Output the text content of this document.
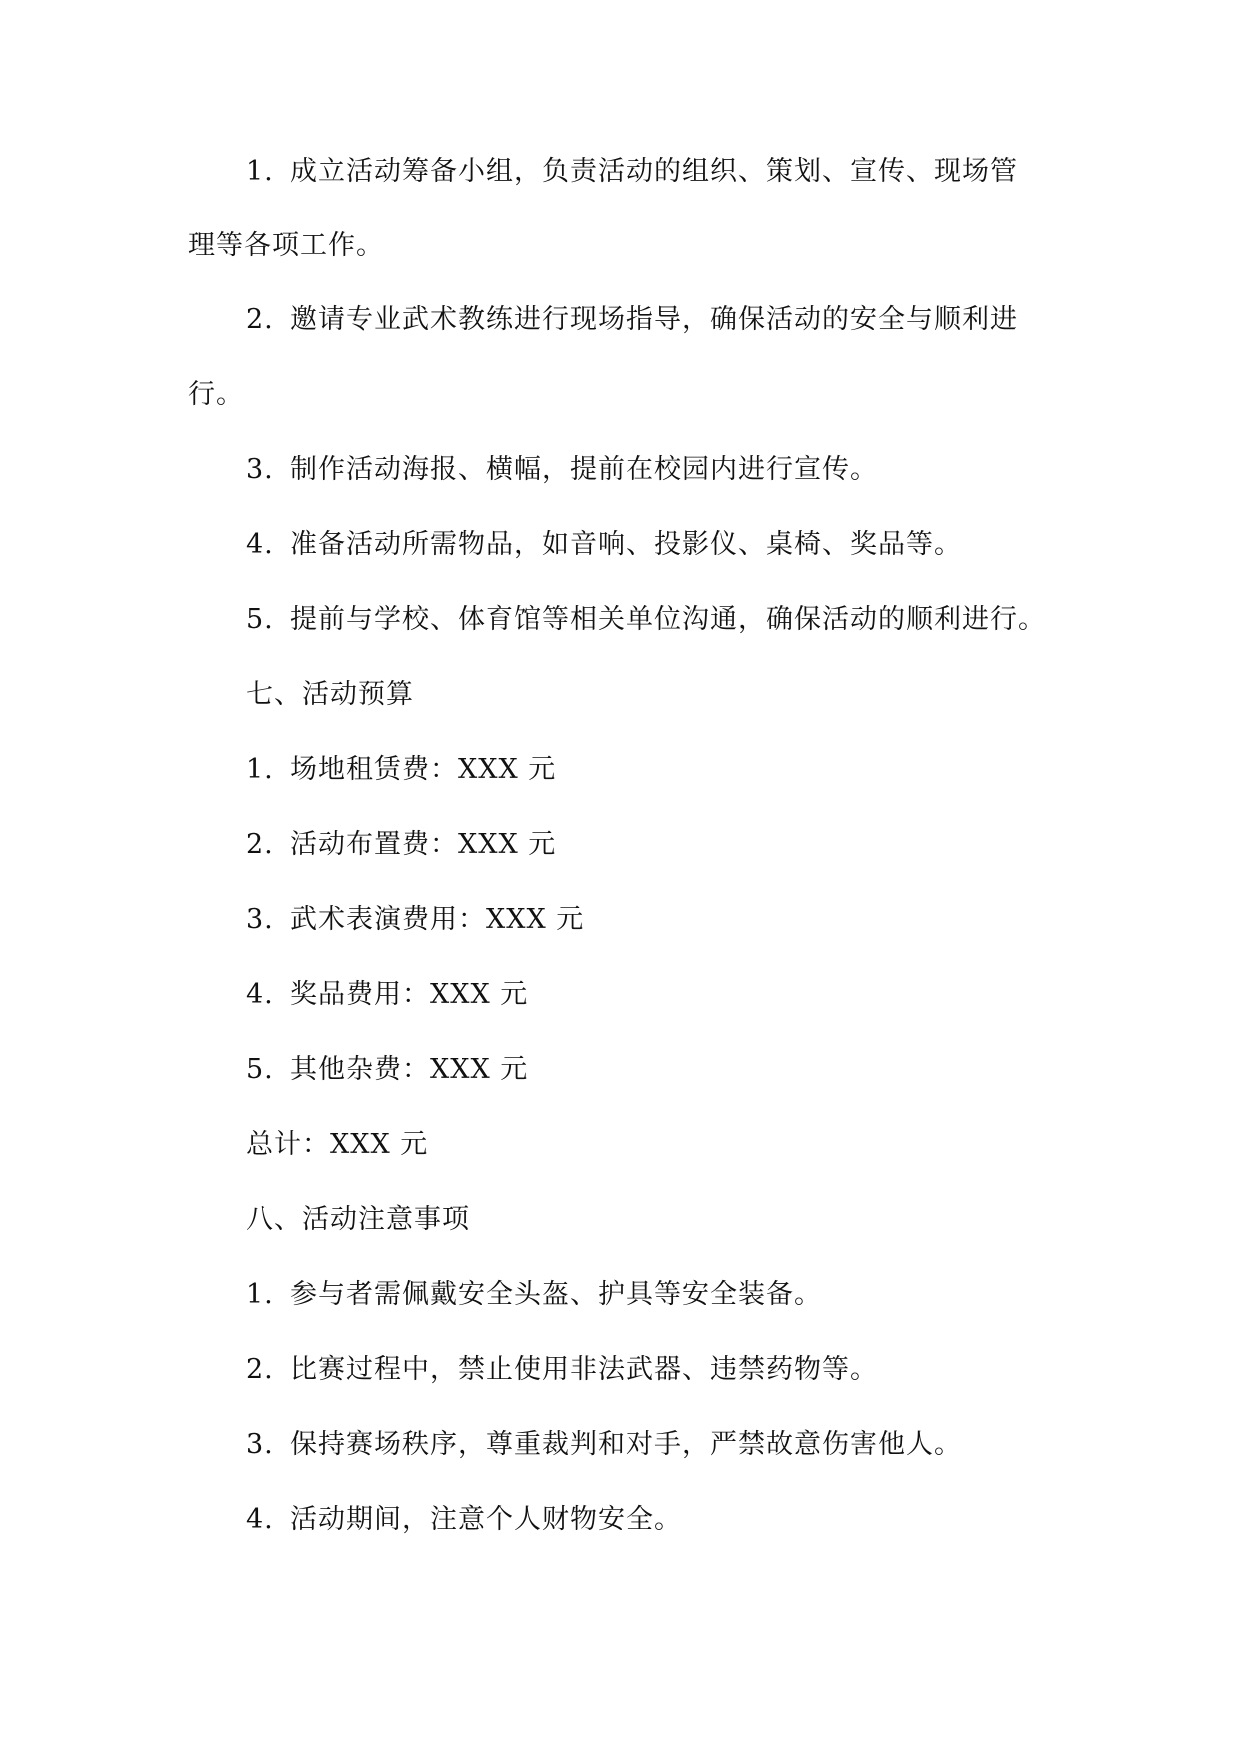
1. 成立活动筹备小组，负责活动的组织、策划、宣传、现场管
理等各项工作。
2. 邀请专业武术教练进行现场指导，确保活动的安全与顺利进
行。
3. 制作活动海报、横幅，提前在校园内进行宣传。
4. 准备活动所需物品，如音响、投影仪、桌椅、奖品等。
5. 提前与学校、体育馆等相关单位沟通，确保活动的顺利进行。
七、活动预算
1. 场地租赁费：XXX 元
2. 活动布置费：XXX 元
3. 武术表演费用：XXX 元
4. 奖品费用：XXX 元
5. 其他杂费：XXX 元
总计：XXX 元
八、活动注意事项
1. 参与者需佩戴安全头盔、护具等安全装备。
2. 比赛过程中，禁止使用非法武器、违禁药物等。
3. 保持赛场秩序，尊重裁判和对手，严禁故意伤害他人。
4. 活动期间，注意个人财物安全。
